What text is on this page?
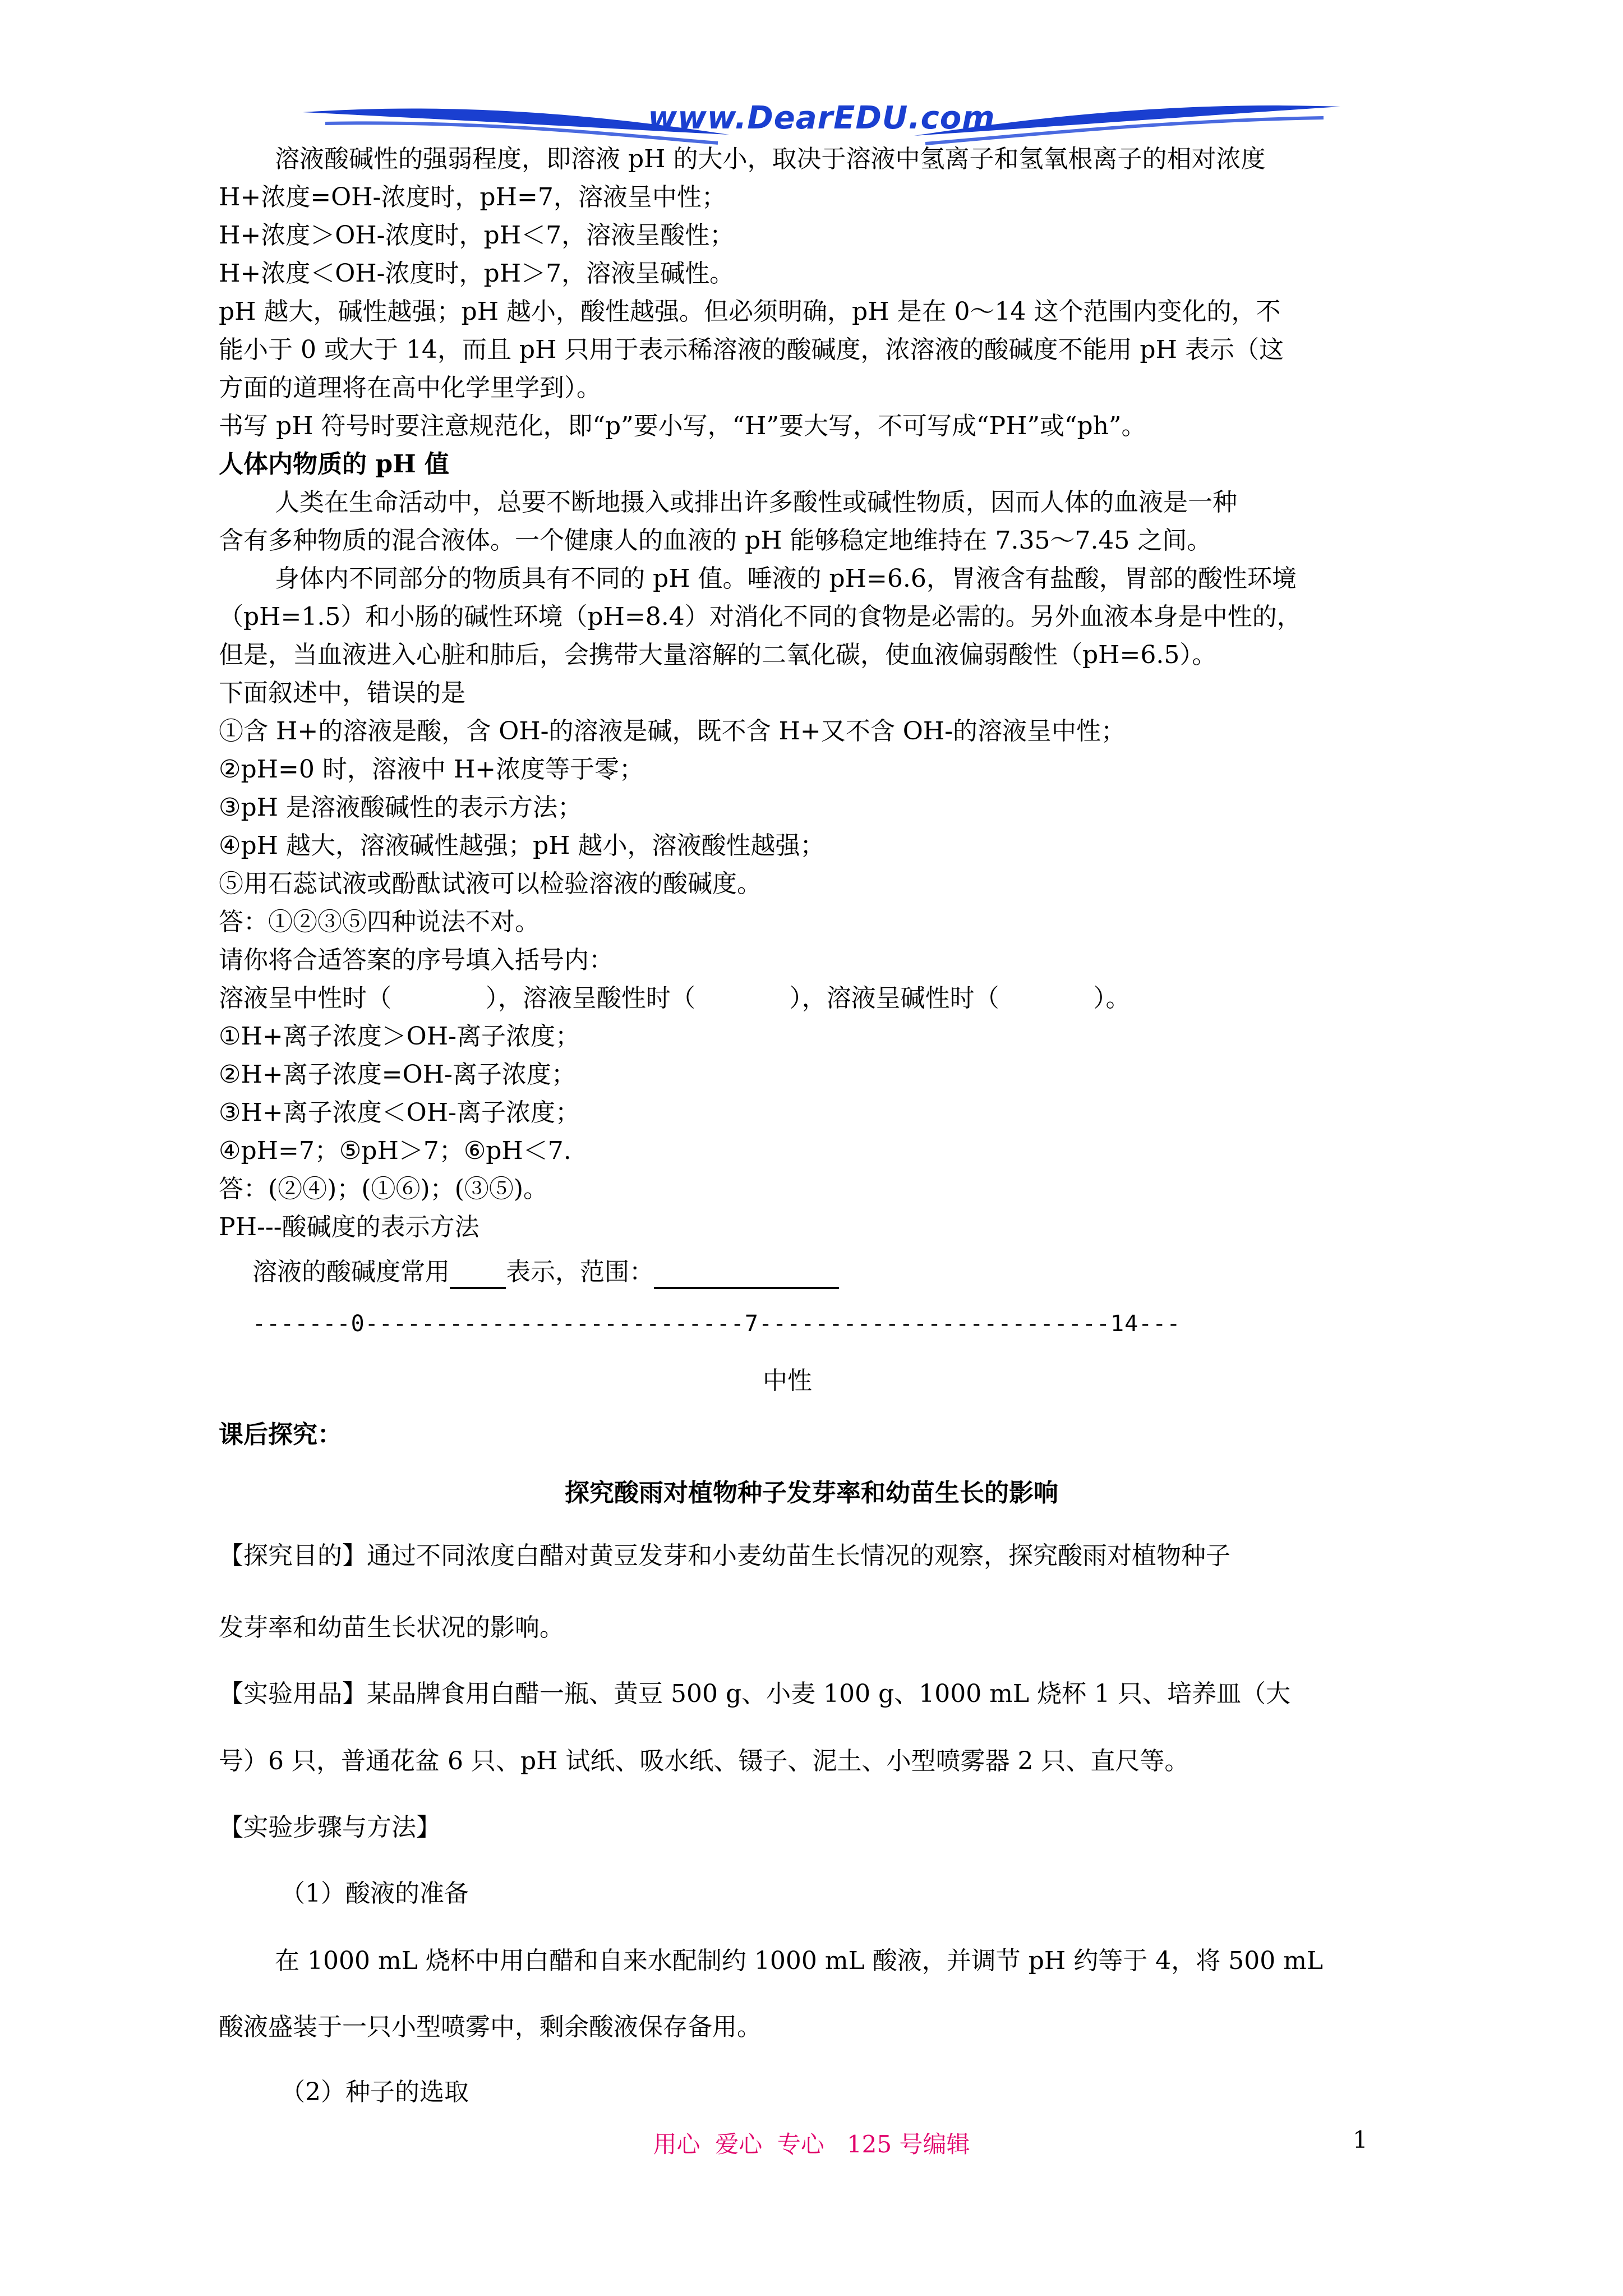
www.DearEDU.com
溶液酸碱性的强弱程度，即溶液 pH 的大小，取决于溶液中氢离子和氢氧根离子的相对浓度
H+浓度=OH-浓度时，pH=7，溶液呈中性；
H+浓度＞OH-浓度时，pH＜7，溶液呈酸性；
H+浓度＜OH-浓度时，pH＞7，溶液呈碱性。
pH 越大，碱性越强；pH 越小，酸性越强。但必须明确，pH 是在 0～14 这个范围内变化的，不
能小于 0 或大于 14，而且 pH 只用于表示稀溶液的酸碱度，浓溶液的酸碱度不能用 pH 表示（这
方面的道理将在高中化学里学到）。
书写 pH 符号时要注意规范化，即“p”要小写，“H”要大写，不可写成“PH”或“ph”。
人体内物质的 pH 值
人类在生命活动中，总要不断地摄入或排出许多酸性或碱性物质，因而人体的血液是一种
含有多种物质的混合液体。一个健康人的血液的 pH 能够稳定地维持在 7.35～7.45 之间。
身体内不同部分的物质具有不同的 pH 值。唾液的 pH=6.6，胃液含有盐酸，胃部的酸性环境
（pH=1.5）和小肠的碱性环境（pH=8.4）对消化不同的食物是必需的。另外血液本身是中性的，
但是，当血液进入心脏和肺后，会携带大量溶解的二氧化碳，使血液偏弱酸性（pH=6.5）。
下面叙述中，错误的是
①含 H+的溶液是酸，含 OH-的溶液是碱，既不含 H+又不含 OH-的溶液呈中性；
②pH=0 时，溶液中 H+浓度等于零；
③pH 是溶液酸碱性的表示方法；
④pH 越大，溶液碱性越强；pH 越小，溶液酸性越强；
⑤用石蕊试液或酚酞试液可以检验溶液的酸碱度。
答：①②③⑤四种说法不对。
请你将合适答案的序号填入括号内：
溶液呈中性时（            ），溶液呈酸性时（            ），溶液呈碱性时（            ）。
①H+离子浓度＞OH-离子浓度；
②H+离子浓度=OH-离子浓度；
③H+离子浓度＜OH-离子浓度；
④pH=7；⑤pH＞7；⑥pH＜7.
答：(②④)；(①⑥)；(③⑤)。
PH---酸碱度的表示方法
溶液的酸碱度常用 表示，范围：
-------0---------------------------7-------------------------14---
中性
课后探究：
探究酸雨对植物种子发芽率和幼苗生长的影响
【探究目的】通过不同浓度白醋对黄豆发芽和小麦幼苗生长情况的观察，探究酸雨对植物种子
发芽率和幼苗生长状况的影响。
【实验用品】某品牌食用白醋一瓶、黄豆 500 g、小麦 100 g、1000 mL 烧杯 1 只、培养皿（大
号）6 只，普通花盆 6 只、pH 试纸、吸水纸、镊子、泥土、小型喷雾器 2 只、直尺等。
【实验步骤与方法】
（1）酸液的准备
在 1000 mL 烧杯中用白醋和自来水配制约 1000 mL 酸液，并调节 pH 约等于 4，将 500 mL
酸液盛装于一只小型喷雾中，剩余酸液保存备用。
（2）种子的选取
用心  爱心  专心   125 号编辑	1
